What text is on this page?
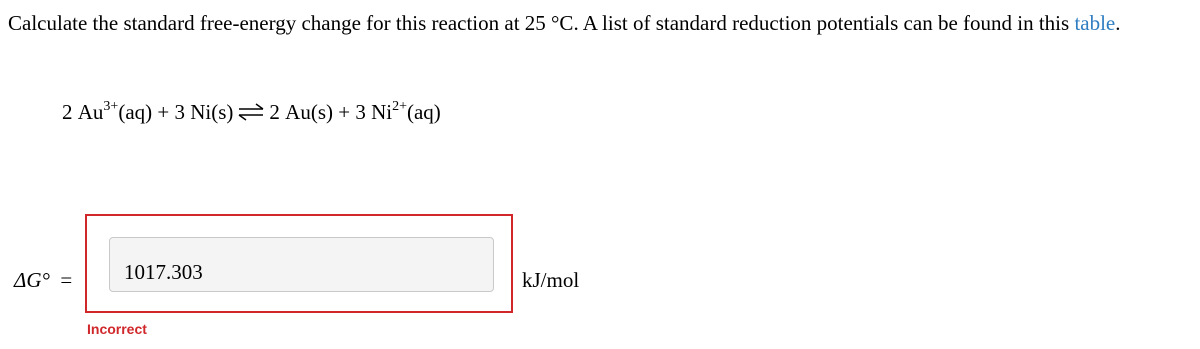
Calculate the standard free-energy change for this reaction at 25 °C. A list of standard reduction potentials can be found in this table.
2 $Au^{3+}(aq) + 3$ Ni(s) ⇌ 2 Au(s) + 3 $Ni^{2+}(aq)$
ΔG° =
1017.303	kJ/mol
Incorrect
